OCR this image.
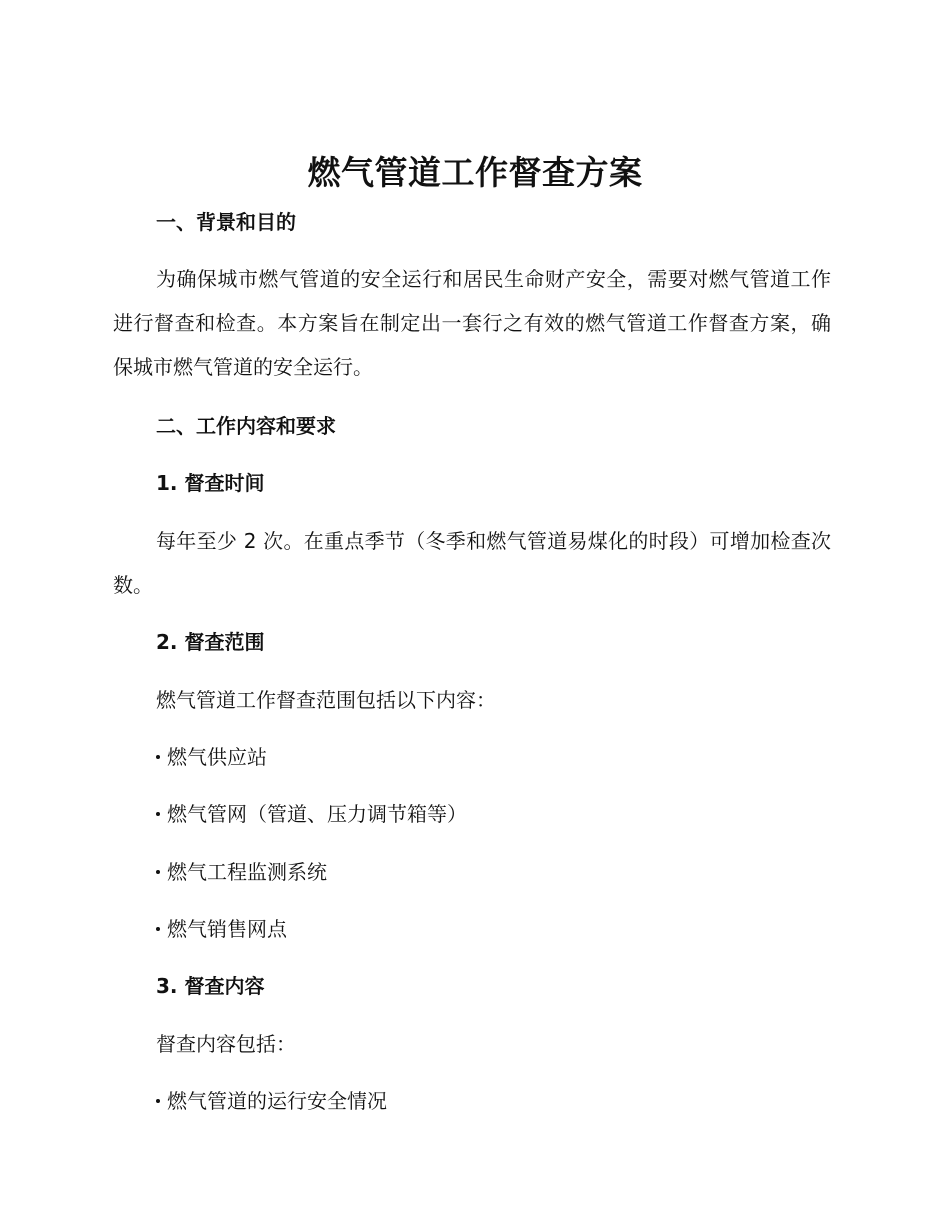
燃气管道工作督查方案
一、背景和目的
为确保城市燃气管道的安全运行和居民生命财产安全，需要对燃气管道工作进行督查和检查。本方案旨在制定出一套行之有效的燃气管道工作督查方案，确保城市燃气管道的安全运行。
二、工作内容和要求
1. 督查时间
每年至少 2 次。在重点季节（冬季和燃气管道易煤化的时段）可增加检查次数。
2. 督查范围
燃气管道工作督查范围包括以下内容：
燃气供应站
燃气管网（管道、压力调节箱等）
燃气工程监测系统
燃气销售网点
3. 督查内容
督查内容包括：
燃气管道的运行安全情况
